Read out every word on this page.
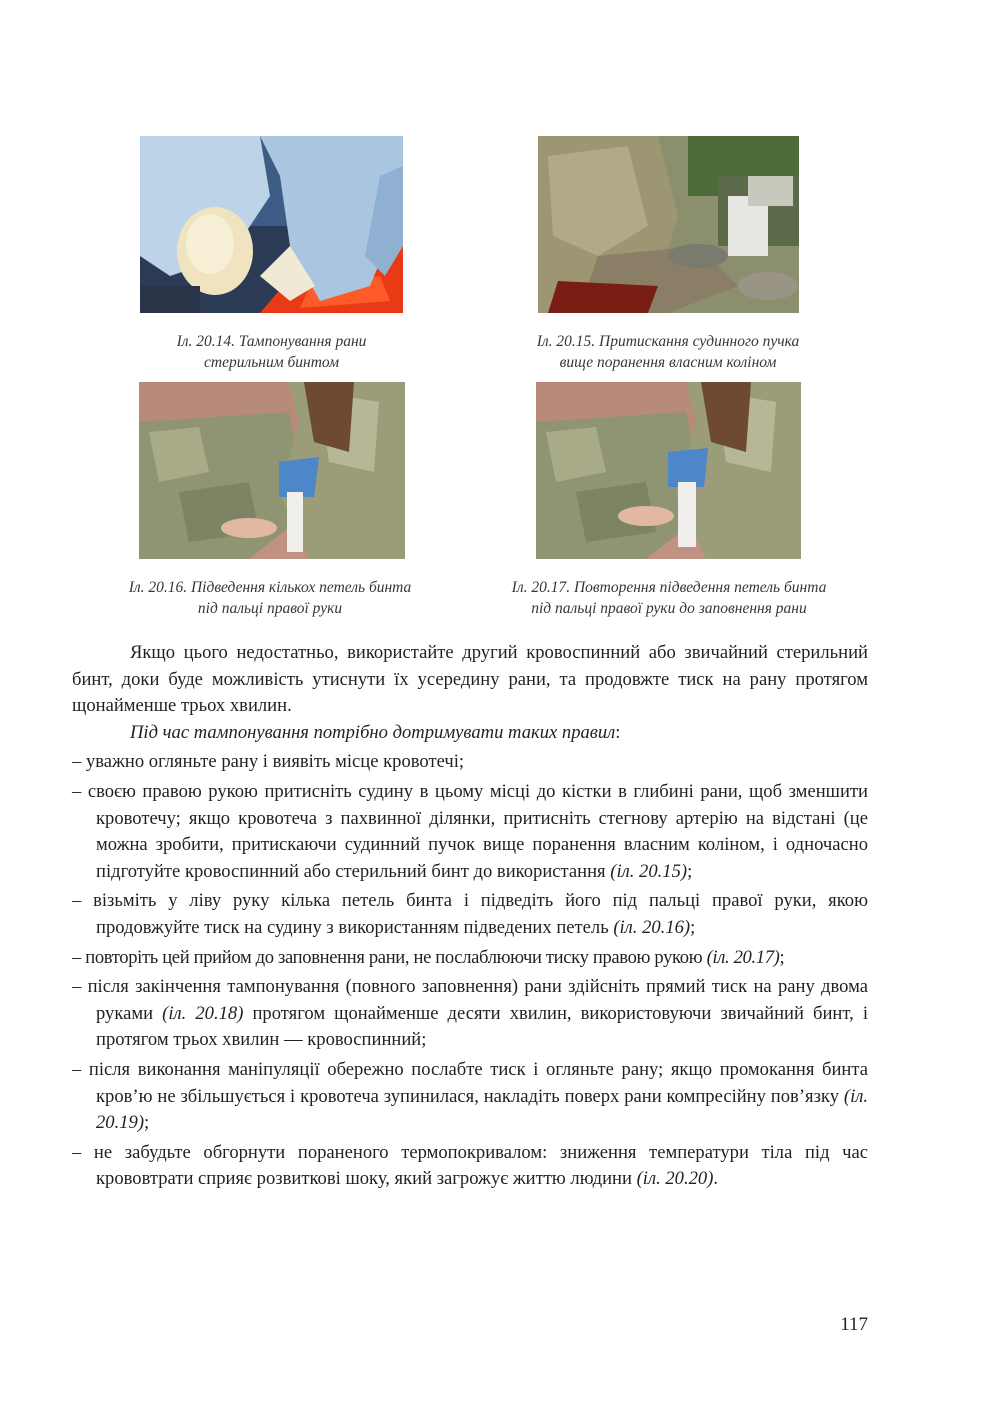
Іл. 20.14. Тампонування рани
стерильним бинтом
Іл. 20.15. Притискання судинного пучка
вище поранення власним коліном
Іл. 20.16. Підведення кількох петель бинта
під пальці правої руки
Іл. 20.17. Повторення підведення петель бинта
під пальці правої руки до заповнення рани

Якщо цього недостатньо, використайте другий кровоспинний або звичайний стерильний бинт, доки буде можливість утиснути їх усередину рани, та продовжте тиск на рану протягом щонайменше трьох хвилин.

Під час тампонування потрібно дотримувати таких правил:

– уважно огляньте рану і виявіть місце кровотечі;

– своєю правою рукою притисніть судину в цьому місці до кістки в глибині рани, щоб зменшити кровотечу; якщо кровотеча з пахвинної ділянки, притисніть стегнову артерію на відстані (це можна зробити, притискаючи судинний пучок вище поранення власним коліном, і одночасно підготуйте кровоспинний або стерильний бинт до використання (іл. 20.15);

– візьміть у ліву руку кілька петель бинта і підведіть його під пальці правої руки, якою продовжуйте тиск на судину з використанням підведених петель (іл. 20.16);

– повторіть цей прийом до заповнення рани, не послаблюючи тиску правою рукою (іл. 20.17);

– після закінчення тампонування (повного заповнення) рани здійсніть прямий тиск на рану двома руками (іл. 20.18) протягом щонайменше десяти хвилин, використовуючи звичайний бинт, і протягом трьох хвилин — кровоспинний;

– після виконання маніпуляції обережно послабте тиск і огляньте рану; якщо промокання бинта кров’ю не збільшується і кровотеча зупинилася, накладіть поверх рани компресійну пов’язку (іл. 20.19);

– не забудьте обгорнути пораненого термопокривалом: зниження температури тіла під час крововтрати сприяє розвиткові шоку, який загрожує життю людини (іл. 20.20).

117
